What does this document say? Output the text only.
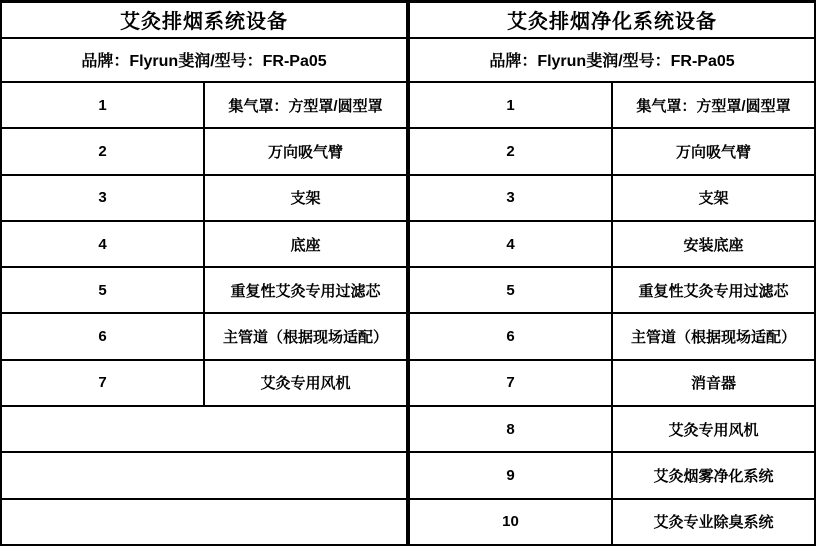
艾灸排烟系统设备	
品牌：Flyrun斐润/型号：FR-Pa05	
1	集气罩：方型罩/圆型罩
2	万向吸气臂
3	支架
4	底座
5	重复性艾灸专用过滤芯
6	主管道（根据现场适配）
7	艾灸专用风机

艾灸排烟净化系统设备	
品牌：Flyrun斐润/型号：FR-Pa05	
1	集气罩：方型罩/圆型罩
2	万向吸气臂
3	支架
4	安装底座
5	重复性艾灸专用过滤芯
6	主管道（根据现场适配）
7	消音器
8	艾灸专用风机
9	艾灸烟雾净化系统
10	艾灸专业除臭系统
